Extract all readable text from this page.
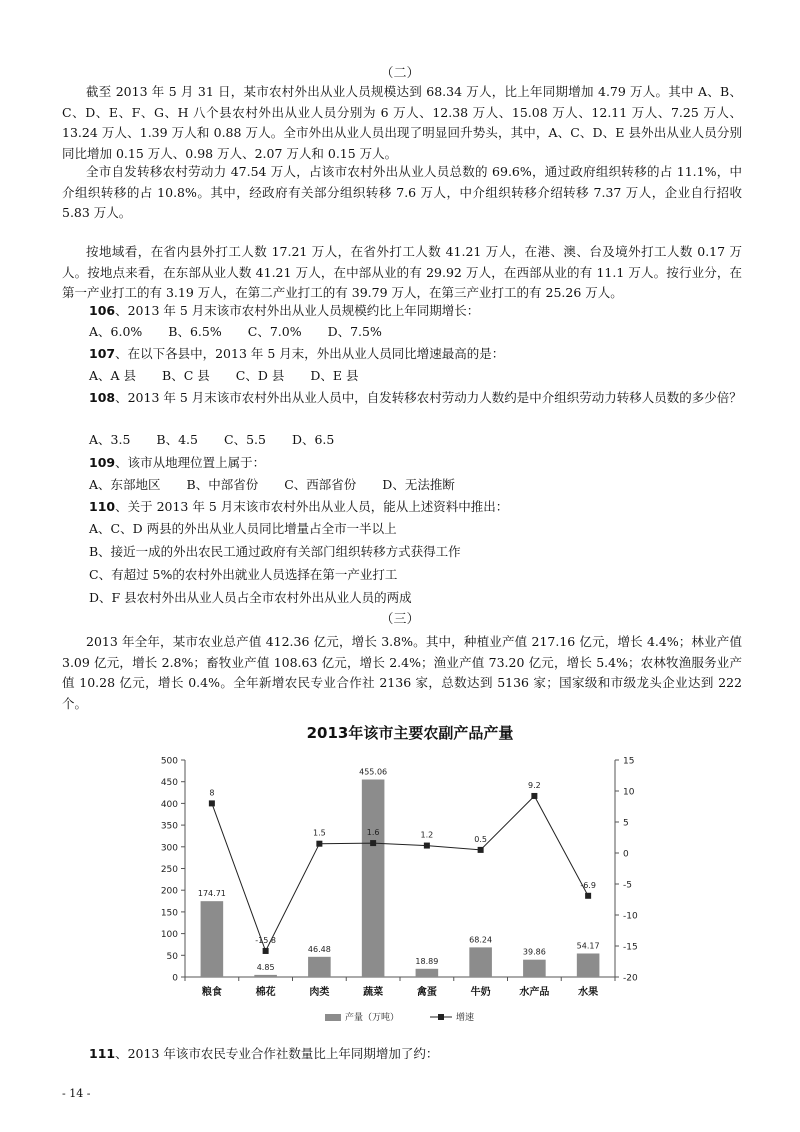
（二）

截至 2013 年 5 月 31 日，某市农村外出从业人员规模达到 68.34 万人，比上年同期增加 4.79 万人。其中 A、B、C、D、E、F、G、H 八个县农村外出从业人员分别为 6 万人、12.38 万人、15.08 万人、12.11 万人、7.25 万人、13.24 万人、1.39 万人和 0.88 万人。全市外出从业人员出现了明显回升势头，其中，A、C、D、E 县外出从业人员分别同比增加 0.15 万人、0.98 万人、2.07 万人和 0.15 万人。

全市自发转移农村劳动力 47.54 万人，占该市农村外出从业人员总数的 69.6%，通过政府组织转移的占 11.1%，中介组织转移的占 10.8%。其中，经政府有关部分组织转移 7.6 万人，中介组织转移介绍转移 7.37 万人，企业自行招收 5.83 万人。

按地域看，在省内县外打工人数 17.21 万人，在省外打工人数 41.21 万人，在港、澳、台及境外打工人数 0.17 万人。按地点来看，在东部从业人数 41.21 万人，在中部从业的有 29.92 万人，在西部从业的有 11.1 万人。按行业分，在第一产业打工的有 3.19 万人，在第二产业打工的有 39.79 万人，在第三产业打工的有 25.26 万人。

106、2013 年 5 月末该市农村外出从业人员规模约比上年同期增长：
A、6.0% B、6.5% C、7.0% D、7.5%
107、在以下各县中，2013 年 5 月末，外出从业人员同比增速最高的是：
A、A 县 B、C 县 C、D 县 D、E 县
108、2013 年 5 月末该市农村外出从业人员中，自发转移农村劳动力人数约是中介组织劳动力转移人员数的多少倍？
A、3.5 B、4.5 C、5.5 D、6.5
109、该市从地理位置上属于：
A、东部地区 B、中部省份 C、西部省份 D、无法推断
110、关于 2013 年 5 月末该市农村外出从业人员，能从上述资料中推出：
A、C、D 两县的外出从业人员同比增量占全市一半以上
B、接近一成的外出农民工通过政府有关部门组织转移方式获得工作
C、有超过 5%的农村外出就业人员选择在第一产业打工
D、F 县农村外出从业人员占全市农村外出从业人员的两成
（三）

2013 年全年，某市农业总产值 412.36 亿元，增长 3.8%。其中，种植业产值 217.16 亿元，增长 4.4%；林业产值 3.09 亿元，增长 2.8%；畜牧业产值 108.63 亿元，增长 2.4%；渔业产值 73.20 亿元，增长 5.4%；农林牧渔服务业产值 10.28 亿元，增长 0.4%。全年新增农民专业合作社 2136 家，总数达到 5136 家；国家级和市级龙头企业达到 222 个。

2013年该市主要农副产品产量
0
50
100
150
200
250
300
350
400
450
500
-20
-15
-10
-5
0
5
10
15
粮食	棉花	肉类	蔬菜	禽蛋	牛奶	水产品	水果
174.71
4.85
46.48
455.06
18.89
68.24
39.86
54.17
8
-15.8
1.5	1.6	1.2	0.5
9.2
-6.9
产量（万吨）	增速
111、2013 年该市农民专业合作社数量比上年同期增加了约：
- 14 -
